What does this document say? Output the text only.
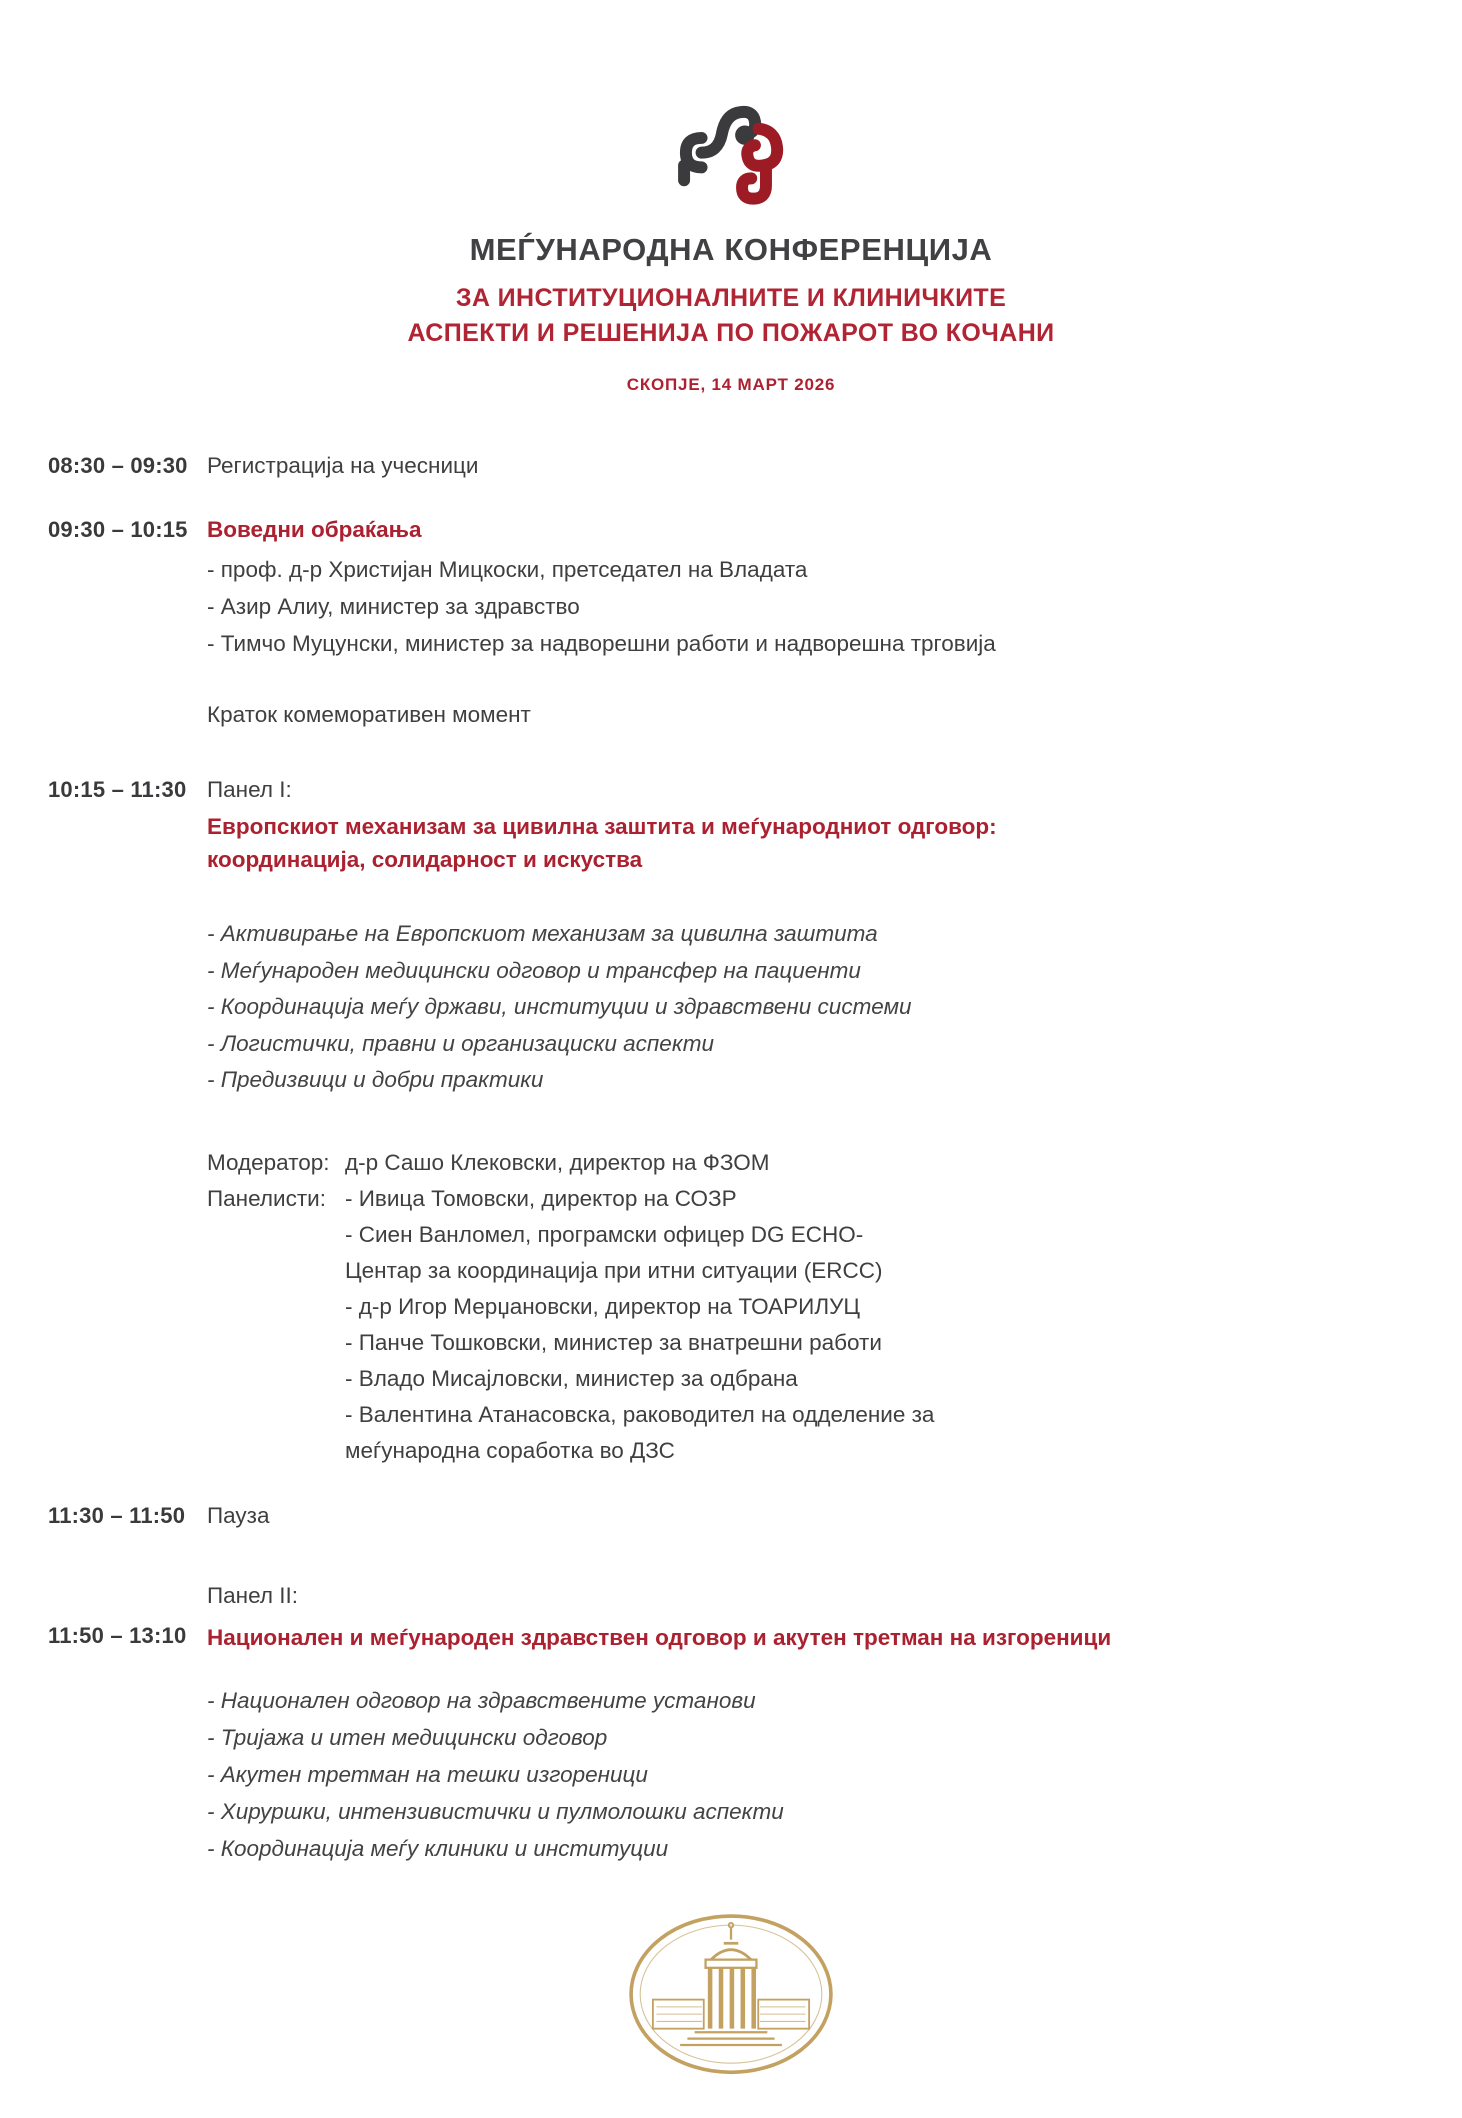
МЕЃУНАРОДНА КОНФЕРЕНЦИЈА
ЗА ИНСТИТУЦИОНАЛНИТЕ И КЛИНИЧКИТЕ
АСПЕКТИ И РЕШЕНИЈА ПО ПОЖАРОТ ВО КОЧАНИ
СКОПЈЕ, 14 МАРТ 2026
08:30 – 09:30 Регистрација на учесници
09:30 – 10:15 Воведни обраќања
- проф. д-р Христијан Мицкоски, претседател на Владата
- Азир Алиу, министер за здравство
- Тимчо Муцунски, министер за надворешни работи и надворешна трговија
Краток комеморативен момент
10:15 – 11:30 Панел I:
Европскиот механизам за цивилна заштита и меѓународниот одговор:
координација, солидарност и искуства
- Активирање на Европскиот механизам за цивилна заштита
- Меѓународен медицински одговор и трансфер на пациенти
- Координација меѓу држави, институции и здравствени системи
- Логистички, правни и организациски аспекти
- Предизвици и добри практики
Модератор: д-р Сашо Клековски, директор на ФЗОМ
Панелисти: - Ивица Томовски, директор на СОЗР
- Сиен Ванломел, програмски офицер DG ECHO-
Центар за координација при итни ситуации (ERCC)
- д-р Игор Мерџановски, директор на ТОАРИЛУЦ
- Панче Тошковски, министер за внатрешни работи
- Владо Мисајловски, министер за одбрана
- Валентина Атанасовска, раководител на одделение за
меѓународна соработка во ДЗС
11:30 – 11:50 Пауза
Панел II:
11:50 – 13:10 Национален и меѓународен здравствен одговор и акутен третман на изгореници
- Национален одговор на здравствените установи
- Тријажа и итен медицински одговор
- Акутен третман на тешки изгореници
- Хируршки, интензивистички и пулмолошки аспекти
- Координација меѓу клиники и институции
